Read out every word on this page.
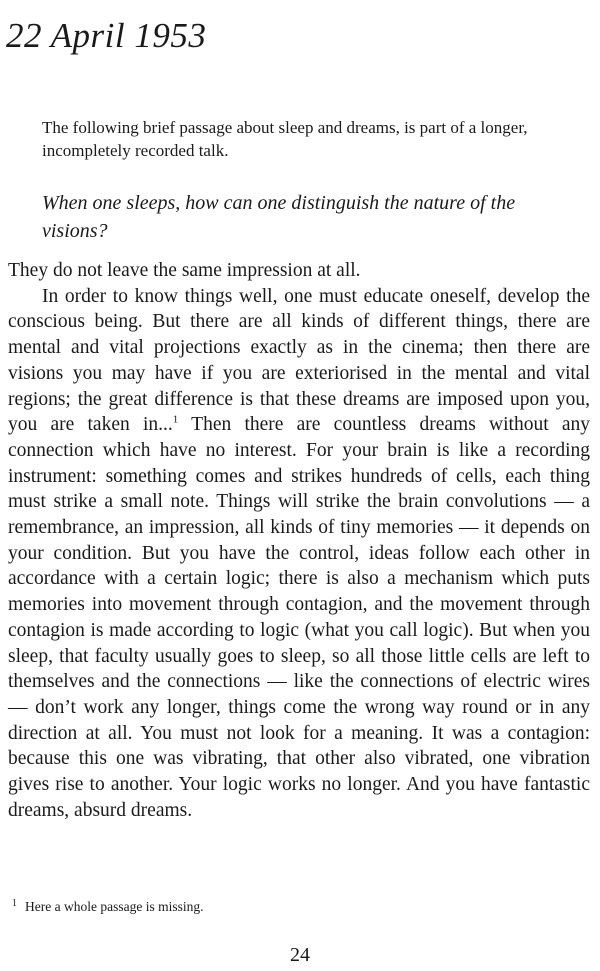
22 April 1953

The following brief passage about sleep and dreams, is part of a longer, incompletely recorded talk.

When one sleeps, how can one distinguish the nature of the visions?

They do not leave the same impression at all.
In order to know things well, one must educate oneself, develop the conscious being. But there are all kinds of different things, there are mental and vital projections exactly as in the cinema; then there are visions you may have if you are exteriorised in the mental and vital regions; the great difference is that these dreams are imposed upon you, you are taken in...$^1$ Then there are countless dreams without any connection which have no interest. For your brain is like a recording instrument: something comes and strikes hundreds of cells, each thing must strike a small note. Things will strike the brain convolutions — a remembrance, an impression, all kinds of tiny memories — it depends on your condition. But you have the control, ideas follow each other in accordance with a certain logic; there is also a mechanism which puts memories into movement through contagion, and the movement through contagion is made according to logic (what you call logic). But when you sleep, that faculty usually goes to sleep, so all those little cells are left to themselves and the connections — like the connections of electric wires — don’t work any longer, things come the wrong way round or in any direction at all. You must not look for a meaning. It was a contagion: because this one was vibrating, that other also vibrated, one vibration gives rise to another. Your logic works no longer. And you have fantastic dreams, absurd dreams.

$^1$ Here a whole passage is missing.

24
